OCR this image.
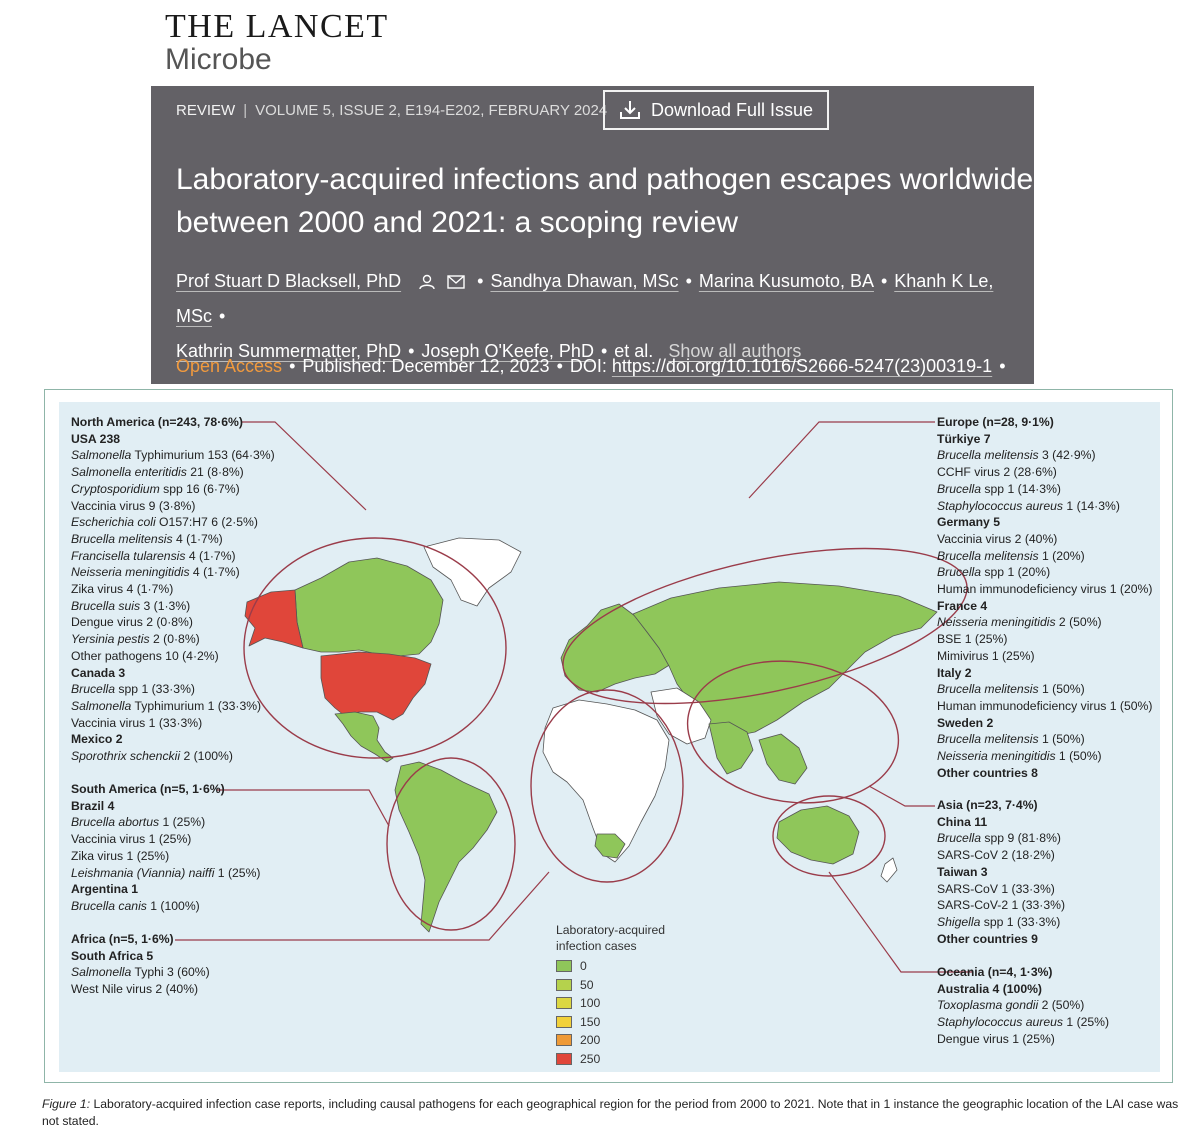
THE LANCET
Microbe
REVIEW | VOLUME 5, ISSUE 2, E194-E202, FEBRUARY 2024 Download Full Issue
Laboratory-acquired infections and pathogen escapes worldwide
between 2000 and 2021: a scoping review
Prof Stuart D Blacksell, PhD	• Sandhya Dhawan, MSc • Marina Kusumoto, BA • Khanh K Le, MSc •
Kathrin Summermatter, PhD • Joseph O'Keefe, PhD • et al. Show all authors
Open Access • Published: December 12, 2023 • DOI: https://doi.org/10.1016/S2666-5247(23)00319-1 •
North America (n=243, 78·6%)
USA 238
Salmonella Typhimurium 153 (64·3%)
Salmonella enteritidis 21 (8·8%)
Cryptosporidium spp 16 (6·7%)
Vaccinia virus 9 (3·8%)
Escherichia coli O157:H7 6 (2·5%)
Brucella melitensis 4 (1·7%)
Francisella tularensis 4 (1·7%)
Neisseria meningitidis 4 (1·7%)
Zika virus 4 (1·7%)
Brucella suis 3 (1·3%)
Dengue virus 2 (0·8%)
Yersinia pestis 2 (0·8%)
Other pathogens 10 (4·2%)
Canada 3
Brucella spp 1 (33·3%)
Salmonella Typhimurium 1 (33·3%)
Vaccinia virus 1 (33·3%)
Mexico 2
Sporothrix schenckii 2 (100%)
South America (n=5, 1·6%)
Brazil 4
Brucella abortus 1 (25%)
Vaccinia virus 1 (25%)
Zika virus 1 (25%)
Leishmania (Viannia) naiffi 1 (25%)
Argentina 1
Brucella canis 1 (100%)
Africa (n=5, 1·6%)
South Africa 5
Salmonella Typhi 3 (60%)
West Nile virus 2 (40%)
Europe (n=28, 9·1%)
Türkiye 7
Brucella melitensis 3 (42·9%)
CCHF virus 2 (28·6%)
Brucella spp 1 (14·3%)
Staphylococcus aureus 1 (14·3%)
Germany 5
Vaccinia virus 2 (40%)
Brucella melitensis 1 (20%)
Brucella spp 1 (20%)
Human immunodeficiency virus 1 (20%)
France 4
Neisseria meningitidis 2 (50%)
BSE 1 (25%)
Mimivirus 1 (25%)
Italy 2
Brucella melitensis 1 (50%)
Human immunodeficiency virus 1 (50%)
Sweden 2
Brucella melitensis 1 (50%)
Neisseria meningitidis 1 (50%)
Other countries 8
Asia (n=23, 7·4%)
China 11
Brucella spp 9 (81·8%)
SARS-CoV 2 (18·2%)
Taiwan 3
SARS-CoV 1 (33·3%)
SARS-CoV-2 1 (33·3%)
Shigella spp 1 (33·3%)
Other countries 9
Oceania (n=4, 1·3%)
Australia 4 (100%)
Toxoplasma gondii 2 (50%)
Staphylococcus aureus 1 (25%)
Dengue virus 1 (25%)
Laboratory-acquired
infection cases
0
50
100
150
200
250
Figure 1: Laboratory-acquired infection case reports, including causal pathogens for each geographical region for the period from 2000 to 2021. Note that in 1 instance the geographic location of the LAI case was not stated.
